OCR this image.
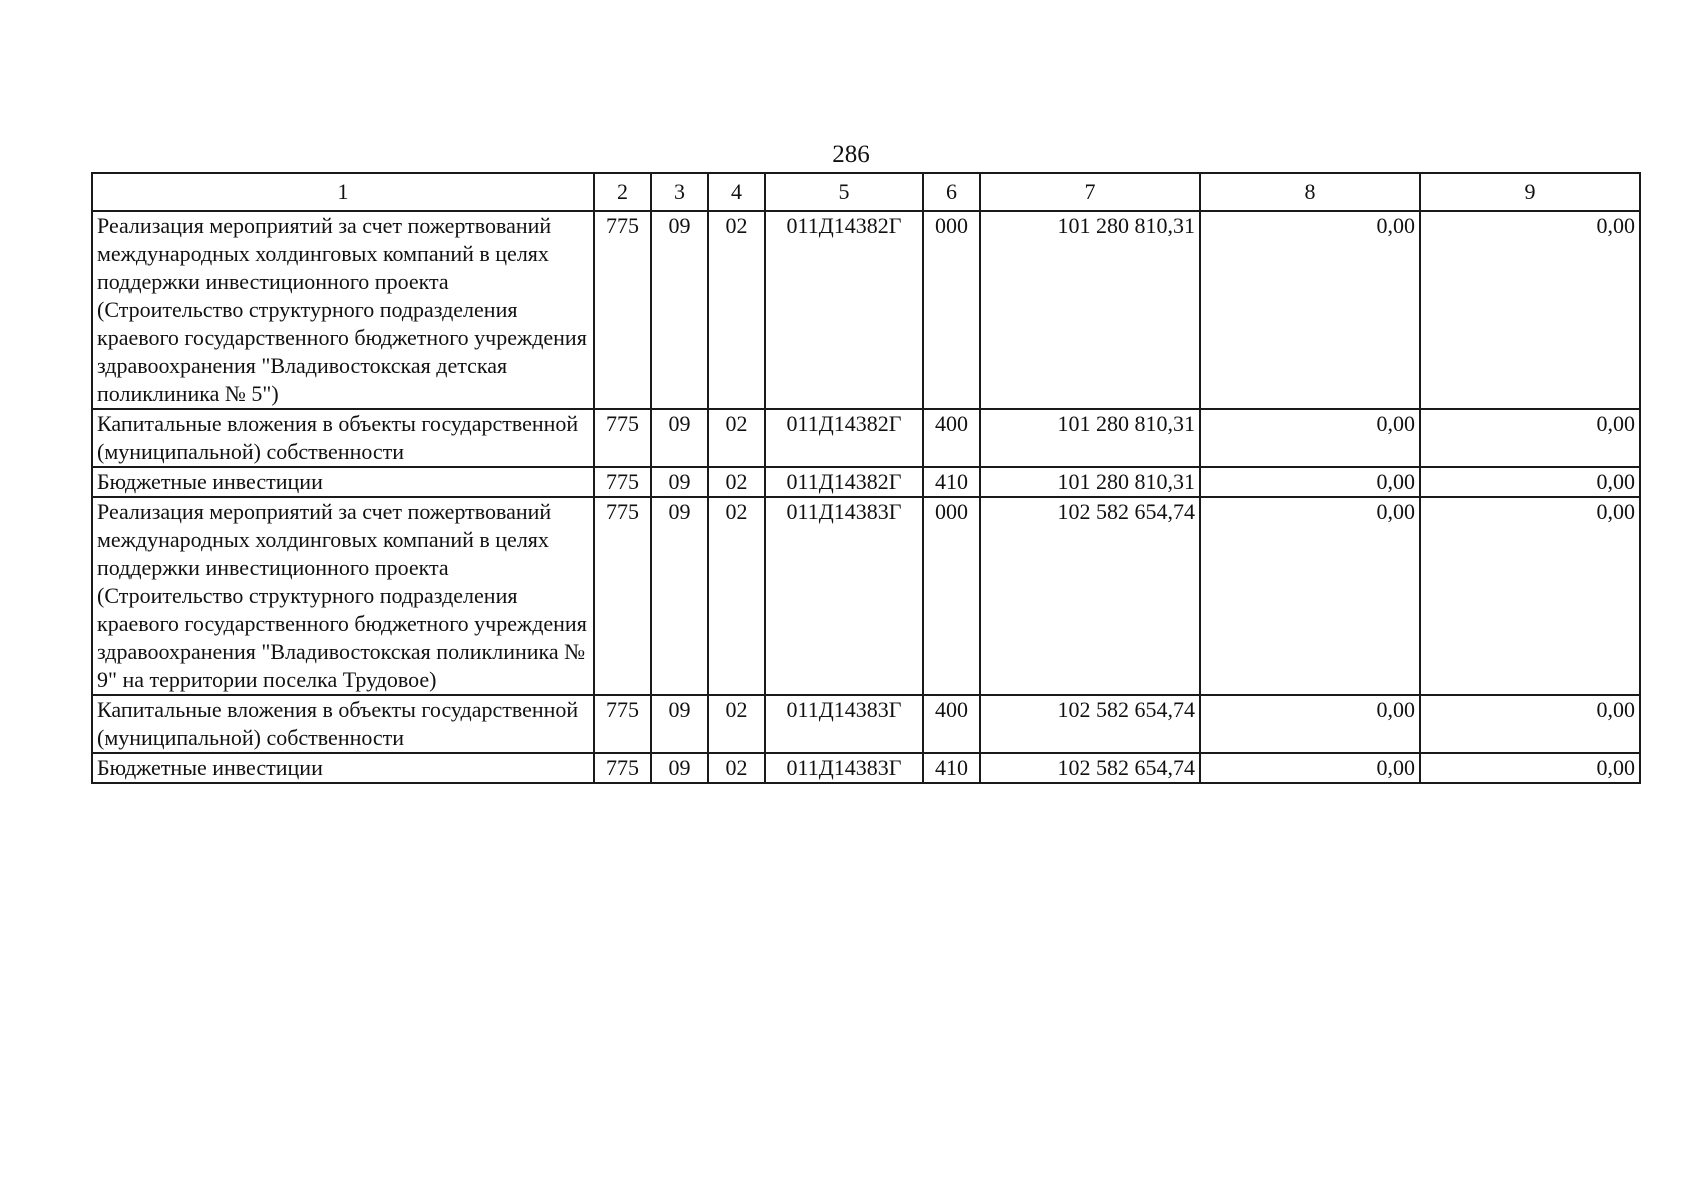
286
1	2	3	4	5	6	7	8	9
Реализация мероприятий за счет пожертвований международных холдинговых компаний в целях поддержки инвестиционного проекта (Строительство структурного подразделения краевого государственного бюджетного учреждения здравоохранения "Владивостокская детская поликлиника № 5")	775	09	02	011Д14382Г	000	101 280 810,31	0,00	0,00
Капитальные вложения в объекты государственной (муниципальной) собственности	775	09	02	011Д14382Г	400	101 280 810,31	0,00	0,00
Бюджетные инвестиции	775	09	02	011Д14382Г	410	101 280 810,31	0,00	0,00
Реализация мероприятий за счет пожертвований международных холдинговых компаний в целях поддержки инвестиционного проекта (Строительство структурного подразделения краевого государственного бюджетного учреждения здравоохранения "Владивостокская поликлиника № 9" на территории поселка Трудовое)	775	09	02	011Д14383Г	000	102 582 654,74	0,00	0,00
Капитальные вложения в объекты государственной (муниципальной) собственности	775	09	02	011Д14383Г	400	102 582 654,74	0,00	0,00
Бюджетные инвестиции	775	09	02	011Д14383Г	410	102 582 654,74	0,00	0,00
